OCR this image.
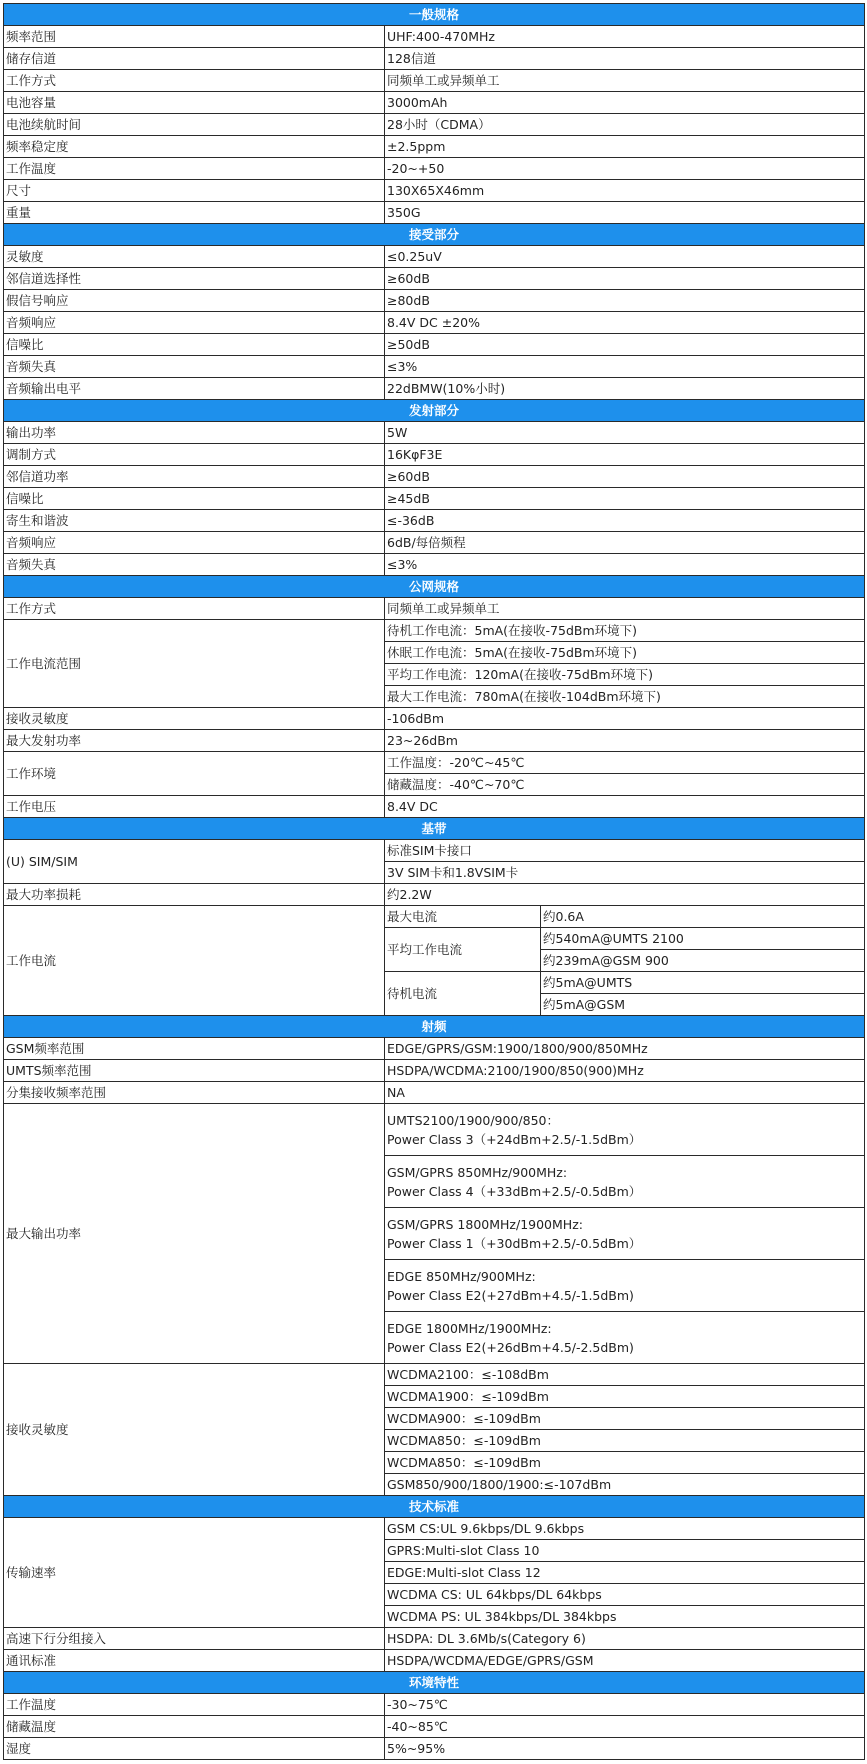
一般规格		
频率范围	UHF:400-470MHz	
储存信道	128信道	
工作方式	同频单工或异频单工	
电池容量	3000mAh	
电池续航时间	28小时（CDMA）	
频率稳定度	±2.5ppm	
工作温度	-20~+50	
尺寸	130X65X46mm	
重量	350G	
接受部分		
灵敏度	≤0.25uV	
邻信道选择性	≥60dB	
假信号响应	≥80dB	
音频响应	8.4V DC ±20%	
信噪比	≥50dB	
音频失真	≤3%	
音频输出电平	22dBMW(10%小时)	
发射部分		
输出功率	5W	
调制方式	16KφF3E	
邻信道功率	≥60dB	
信噪比	≥45dB	
寄生和谐波	≤-36dB	
音频响应	6dB/每倍频程	
音频失真	≤3%	
公网规格		
工作方式	同频单工或异频单工	
工作电流范围	待机工作电流：5mA(在接收-75dBm环境下)	
	休眠工作电流：5mA(在接收-75dBm环境下)	
	平均工作电流：120mA(在接收-75dBm环境下)	
	最大工作电流：780mA(在接收-104dBm环境下)	
接收灵敏度	-106dBm	
最大发射功率	23~26dBm	
工作环境	工作温度：-20℃~45℃	
	储藏温度：-40℃~70℃	
工作电压	8.4V DC	
基带		
(U) SIM/SIM	标准SIM卡接口	
	3V SIM卡和1.8VSIM卡	
最大功率损耗	约2.2W	
工作电流	最大电流	约0.6A
	平均工作电流	约540mA@UMTS 2100
		约239mA@GSM 900
	待机电流	约5mA@UMTS
		约5mA@GSM
射频		
GSM频率范围	EDGE/GPRS/GSM:1900/1800/900/850MHz	
UMTS频率范围	HSDPA/WCDMA:2100/1900/850(900)MHz	
分集接收频率范围	NA	
最大输出功率	UMTS2100/1900/900/850：
Power Class 3（+24dBm+2.5/-1.5dBm）	

	GSM/GPRS 850MHz/900MHz:
Power Class 4（+33dBm+2.5/-0.5dBm）	

	GSM/GPRS 1800MHz/1900MHz:
Power Class 1（+30dBm+2.5/-0.5dBm）	

	EDGE 850MHz/900MHz:
Power Class E2(+27dBm+4.5/-1.5dBm)	

	EDGE 1800MHz/1900MHz:
Power Class E2(+26dBm+4.5/-2.5dBm)	

接收灵敏度	WCDMA2100：≤-108dBm	
	WCDMA1900：≤-109dBm	
	WCDMA900：≤-109dBm	
	WCDMA850：≤-109dBm	
	WCDMA850：≤-109dBm	
	GSM850/900/1800/1900:≤-107dBm	
技术标准		
传输速率	GSM CS:UL 9.6kbps/DL 9.6kbps	
	GPRS:Multi-slot Class 10	
	EDGE:Multi-slot Class 12	
	WCDMA CS: UL 64kbps/DL 64kbps	
	WCDMA PS: UL 384kbps/DL 384kbps	
高速下行分组接入	HSDPA: DL 3.6Mb/s(Category 6)	
通讯标准	HSDPA/WCDMA/EDGE/GPRS/GSM	
环境特性		
工作温度	-30~75℃	
储藏温度	-40~85℃	
湿度	5%~95%	
